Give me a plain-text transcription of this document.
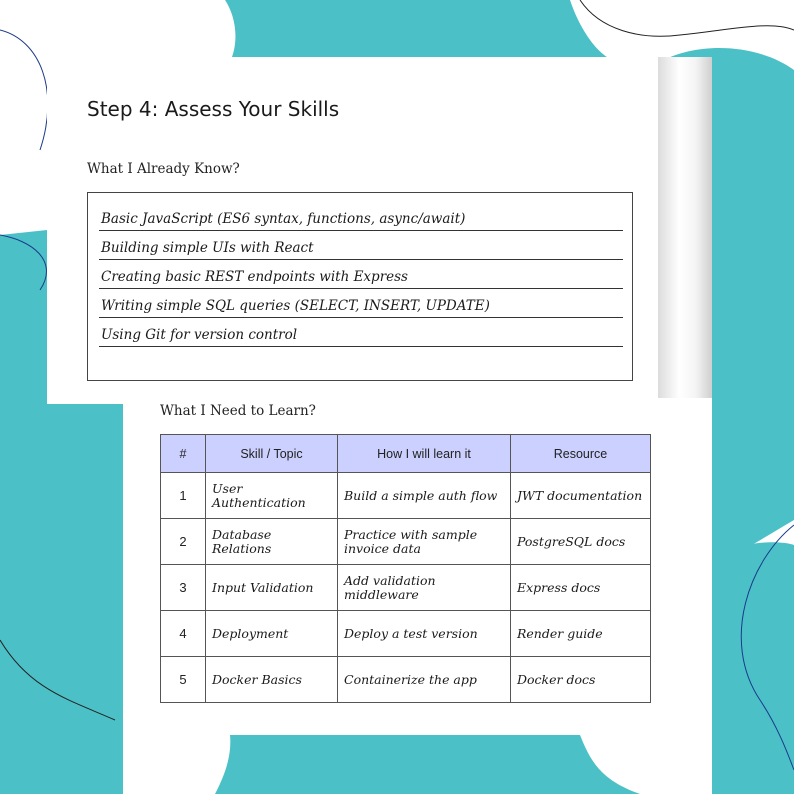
Step 4: Assess Your Skills
What I Already Know?
Basic JavaScript (ES6 syntax, functions, async/await)
Building simple UIs with React
Creating basic REST endpoints with Express
Writing simple SQL queries (SELECT, INSERT, UPDATE)
Using Git for version control
What I Need to Learn?
#	Skill / Topic	How I will learn it	Resource
1	User Authentication	Build a simple auth flow	JWT documentation

2	Database Relations	Practice with sample invoice data	PostgreSQL docs

3	Input Validation	Add validation middleware	Express docs

4	Deployment	Deploy a test version	Render guide

5	Docker Basics	Containerize the app	Docker docs
